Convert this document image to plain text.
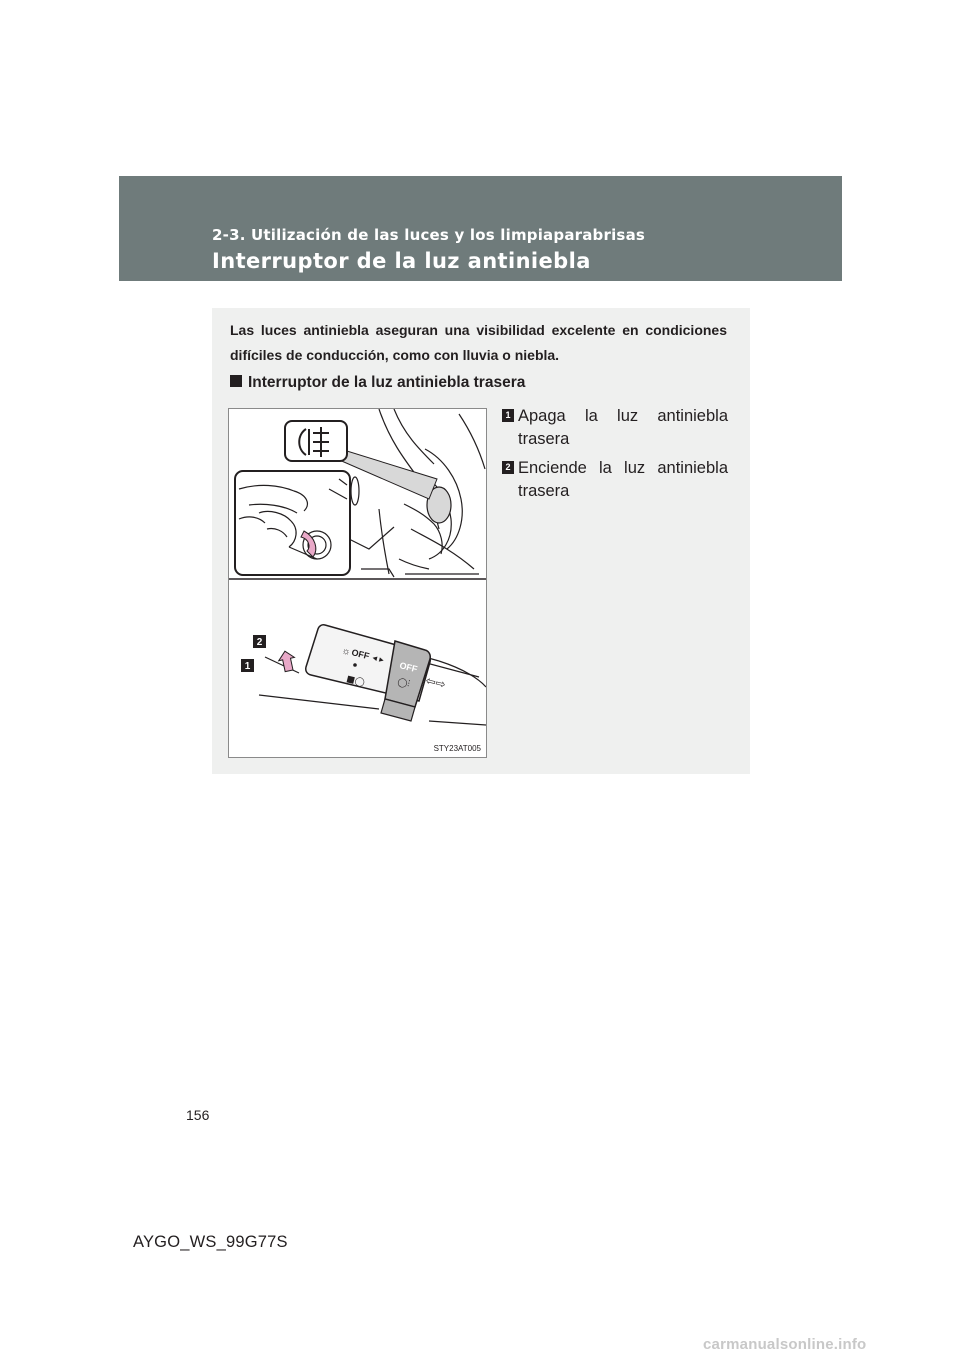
2-3. Utilización de las luces y los limpiaparabrisas
Interruptor de la luz antiniebla
Las luces antiniebla aseguran una visibilidad excelente en condiciones difíciles de conducción, como con lluvia o niebla.
Interruptor de la luz antiniebla trasera
☼
OFF ◂ ▸
OFF
■◯	◯⫶ ⇦⇨
2
1
STY23AT005
1 Apaga la luz antiniebla trasera
2 Enciende la luz antiniebla trasera
156
AYGO_WS_99G77S
carmanualsonline.info
